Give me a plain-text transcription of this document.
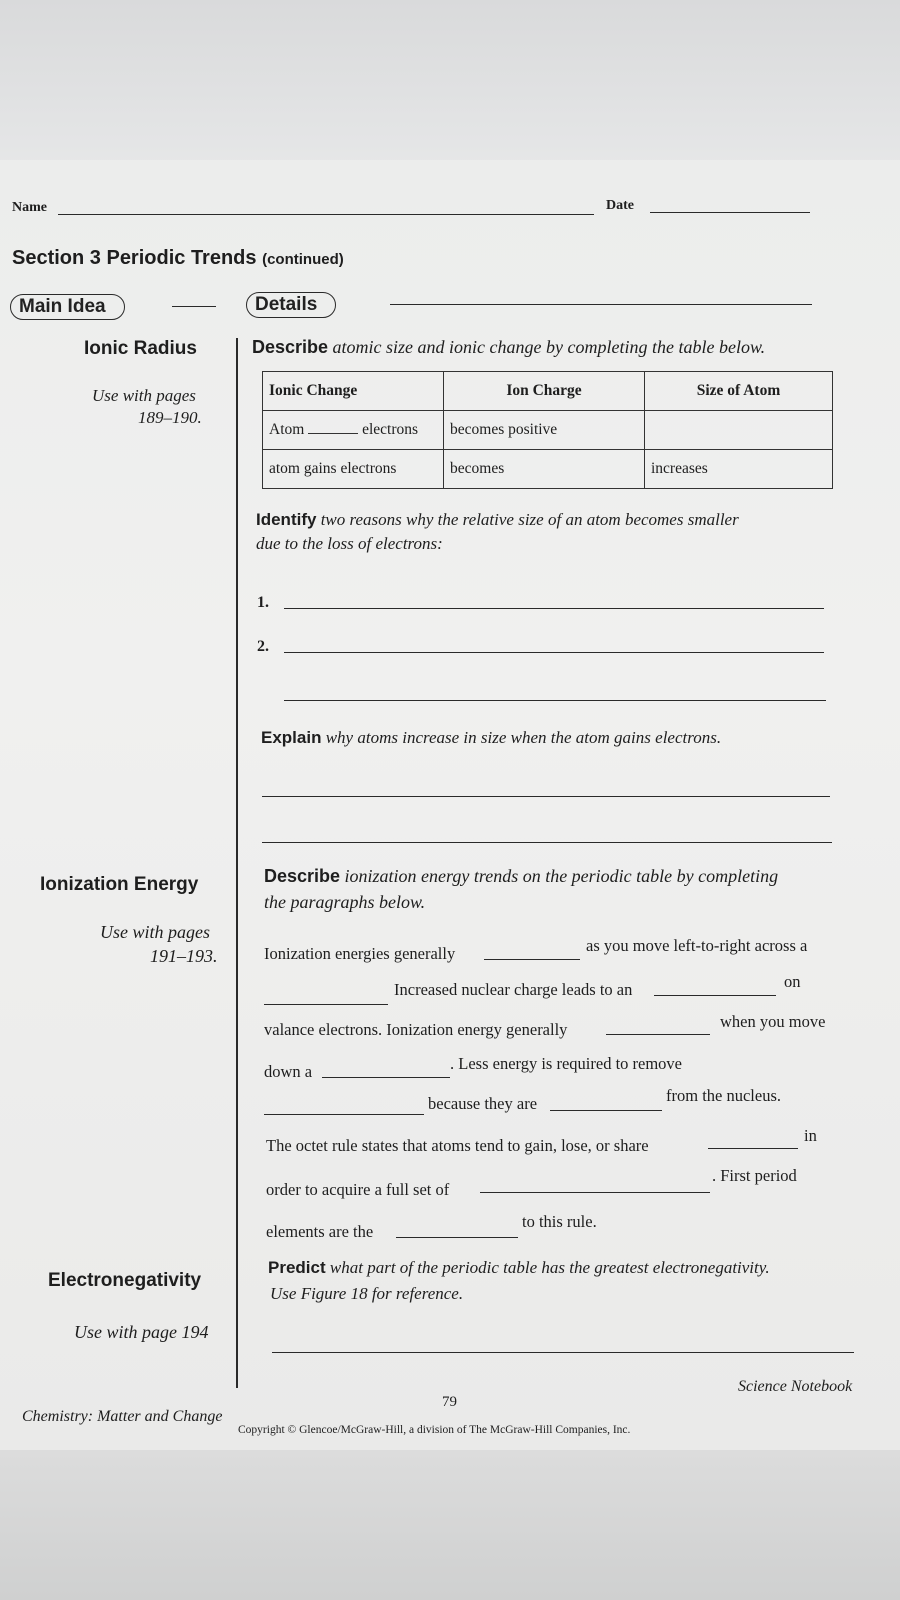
Name	Date
Section 3 Periodic Trends (continued)
Main Idea	Details
Ionic Radius
Use with pages
189–190.
Describe atomic size and ionic change by completing the table below.
Ionic Change	Ion Charge	Size of Atom
Atom electrons	becomes positive	
atom gains electrons	becomes	increases
Identify two reasons why the relative size of an atom becomes smaller
due to the loss of electrons:
1.
2.
Explain why atoms increase in size when the atom gains electrons.
Ionization Energy
Use with pages
191–193.
Describe ionization energy trends on the periodic table by completing
the paragraphs below.
Ionization energies generally	as you move left-to-right across a
Increased nuclear charge leads to an	on
valance electrons. Ionization energy generally	when you move
down a	. Less energy is required to remove
because they are	from the nucleus.
The octet rule states that atoms tend to gain, lose, or share
in
order to acquire a full set of
. First period
elements are the
to this rule.
Electronegativity
Use with page 194
Predict what part of the periodic table has the greatest electronegativity.
Use Figure 18 for reference.
Chemistry: Matter and Change
79
Science Notebook
Copyright © Glencoe/McGraw-Hill, a division of The McGraw-Hill Companies, Inc.
